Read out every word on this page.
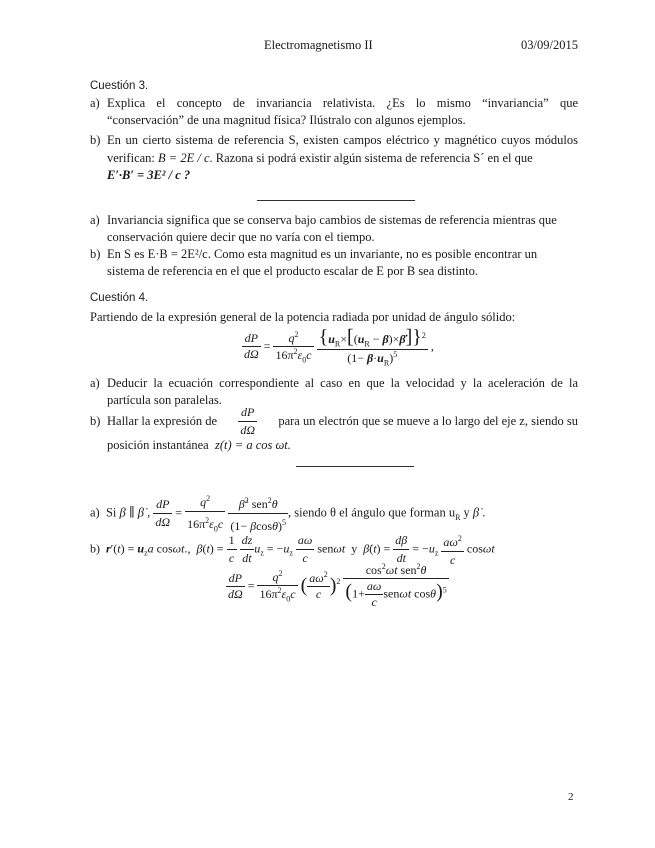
Electromagnetismo II	03/09/2015
Cuestión 3.
a) Explica el concepto de invariancia relativista. ¿Es lo mismo “invariancia” que
“conservación” de una magnitud física? Ilústralo con algunos ejemplos.
b) En un cierto sistema de referencia S, existen campos eléctrico y magnético cuyos módulos
verifican: B = 2E / c. Razona si podrá existir algún sistema de referencia S´ en el que
E′·B′ = 3E² / c ?
a) Invariancia significa que se conserva bajo cambios de sistemas de referencia mientras que
conservación quiere decir que no varía con el tiempo.
b) En S es E·B = 2E²/c. Como esta magnitud es un invariante, no es posible encontrar un
sistema de referencia en el que el producto escalar de E por B sea distinto.
Cuestión 4.
Partiendo de la expresión general de la potencia radiada por unidad de ángulo sólido:
$\frac{dP}{d\Omega} = \frac{q^2}{16\pi^2\varepsilon_0c}$
$\frac{\{u_R\times[(u_R - \beta)\times\betȧ]\}^2}{(1- \beta\cdot u_R)^5}$ ,
a) Deducir la ecuación correspondiente al caso en que la velocidad y la aceleración de la
partícula son paralelas.
b) Hallar la expresión de $\frac{dP}{d\Omega}$ para un electrón que se mueve a lo largo del eje z, siendo su
posición instantánea z(t) = a cos ωt.
a)  Si β ∥ β̇ , $\frac{dP}{d\Omega} = \frac{q^2}{16\pi^2\varepsilon_0c}$
$\frac{\betȧ^2 sen^2\theta}{(1- \beta\cos\theta)^5}$ , siendo θ el ángulo que forman $u_R$ y β̇ .
b)  $r'(t) = u_za$ cosωt.,  $\beta(t) = \frac{1}{c}$
$\frac{dz}{dt} u_z = -u_z \frac{a\omega}{c}$ senωt y β̇(t) = $\frac{d\beta}{dt} = -u_z \frac{a\omega^2}{c}$ cosωt
$\frac{dP}{d\Omega} = \frac{q^2}{16\pi^2\varepsilon_0c}$ ( $\frac{a\omega^2}{c} )^2 \frac{\cos^2\omega t sen^2\theta}{(1+ \frac{a\omega}{c} sen\omega t \cos\theta)^5}$
2
